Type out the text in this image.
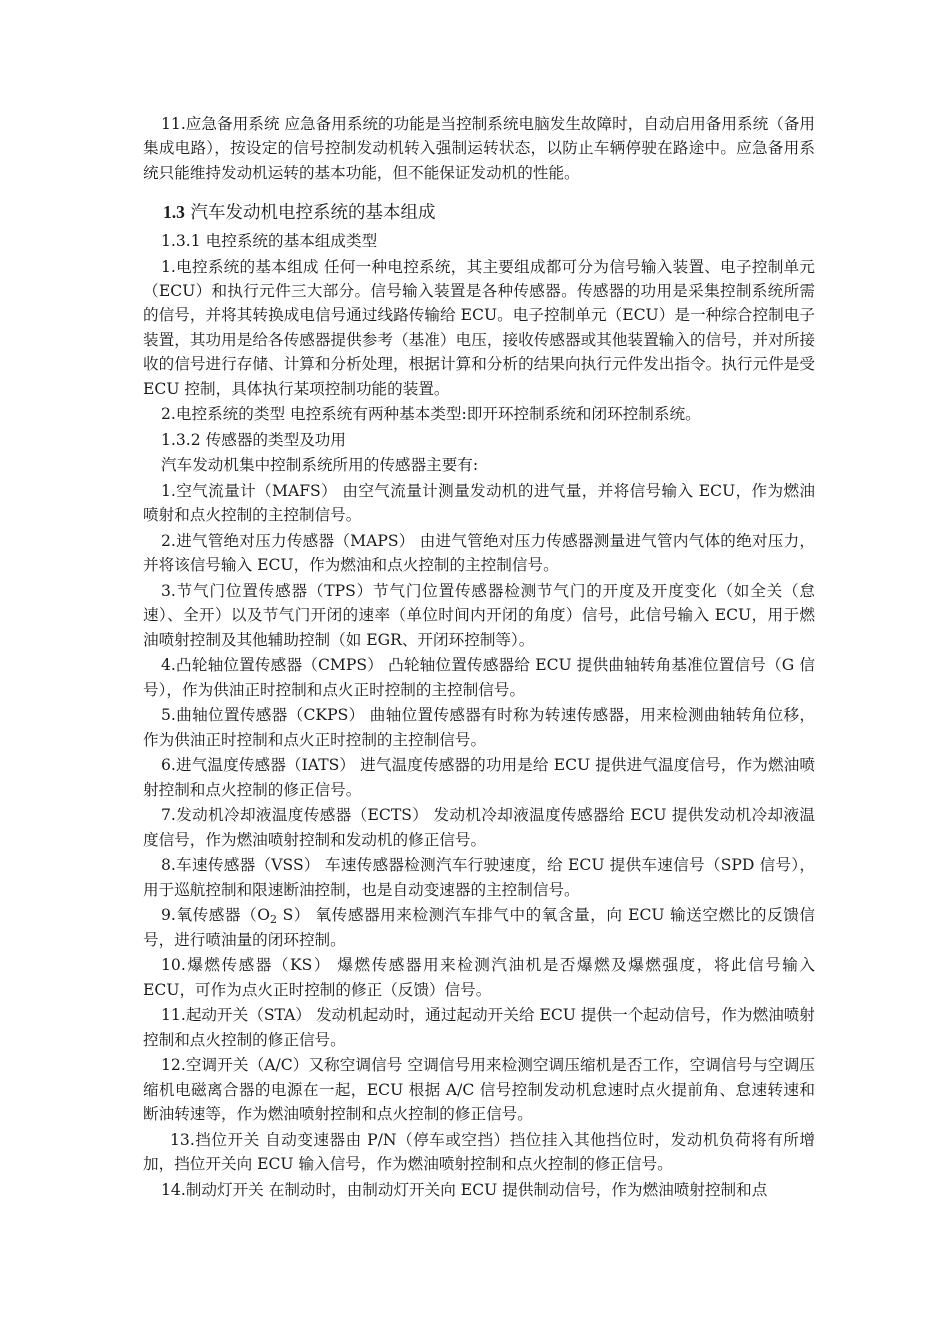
11.应急备用系统 应急备用系统的功能是当控制系统电脑发生故障时，自动启用备用系统（备用集成电路），按设定的信号控制发动机转入强制运转状态，以防止车辆停驶在路途中。应急备用系统只能维持发动机运转的基本功能，但不能保证发动机的性能。

1.3 汽车发动机电控系统的基本组成

1.3.1 电控系统的基本组成类型

1.电控系统的基本组成 任何一种电控系统，其主要组成都可分为信号输入装置、电子控制单元（ECU）和执行元件三大部分。信号输入装置是各种传感器。传感器的功用是采集控制系统所需的信号，并将其转换成电信号通过线路传输给 ECU。电子控制单元（ECU）是一种综合控制电子装置，其功用是给各传感器提供参考（基准）电压，接收传感器或其他装置输入的信号，并对所接收的信号进行存储、计算和分析处理，根据计算和分析的结果向执行元件发出指令。执行元件是受 ECU 控制，具体执行某项控制功能的装置。

2.电控系统的类型 电控系统有两种基本类型:即开环控制系统和闭环控制系统。

1.3.2 传感器的类型及功用

汽车发动机集中控制系统所用的传感器主要有:

1.空气流量计（MAFS） 由空气流量计测量发动机的进气量，并将信号输入 ECU，作为燃油喷射和点火控制的主控制信号。

2.进气管绝对压力传感器（MAPS） 由进气管绝对压力传感器测量进气管内气体的绝对压力，并将该信号输入 ECU，作为燃油和点火控制的主控制信号。

3.节气门位置传感器（TPS）节气门位置传感器检测节气门的开度及开度变化（如全关（怠速）、全开）以及节气门开闭的速率（单位时间内开闭的角度）信号，此信号输入 ECU，用于燃油喷射控制及其他辅助控制（如 EGR、开闭环控制等）。

4.凸轮轴位置传感器（CMPS） 凸轮轴位置传感器给 ECU 提供曲轴转角基准位置信号（G 信号），作为供油正时控制和点火正时控制的主控制信号。

5.曲轴位置传感器（CKPS） 曲轴位置传感器有时称为转速传感器，用来检测曲轴转角位移，作为供油正时控制和点火正时控制的主控制信号。

6.进气温度传感器（IATS） 进气温度传感器的功用是给 ECU 提供进气温度信号，作为燃油喷射控制和点火控制的修正信号。

7.发动机冷却液温度传感器（ECTS） 发动机冷却液温度传感器给 ECU 提供发动机冷却液温度信号，作为燃油喷射控制和发动机的修正信号。

8.车速传感器（VSS） 车速传感器检测汽车行驶速度，给 ECU 提供车速信号（SPD 信号），用于巡航控制和限速断油控制，也是自动变速器的主控制信号。

9.氧传感器（$O_2$ S） 氧传感器用来检测汽车排气中的氧含量，向 ECU 输送空燃比的反馈信号，进行喷油量的闭环控制。

10.爆燃传感器（KS） 爆燃传感器用来检测汽油机是否爆燃及爆燃强度，将此信号输入 ECU，可作为点火正时控制的修正（反馈）信号。

11.起动开关（STA） 发动机起动时，通过起动开关给 ECU 提供一个起动信号，作为燃油喷射控制和点火控制的修正信号。

12.空调开关（A/C）又称空调信号 空调信号用来检测空调压缩机是否工作，空调信号与空调压缩机电磁离合器的电源在一起，ECU 根据 A/C 信号控制发动机怠速时点火提前角、怠速转速和断油转速等，作为燃油喷射控制和点火控制的修正信号。

13.挡位开关 自动变速器由 P/N（停车或空挡）挡位挂入其他挡位时，发动机负荷将有所增加，挡位开关向 ECU 输入信号，作为燃油喷射控制和点火控制的修正信号。

14.制动灯开关 在制动时，由制动灯开关向 ECU 提供制动信号，作为燃油喷射控制和点
